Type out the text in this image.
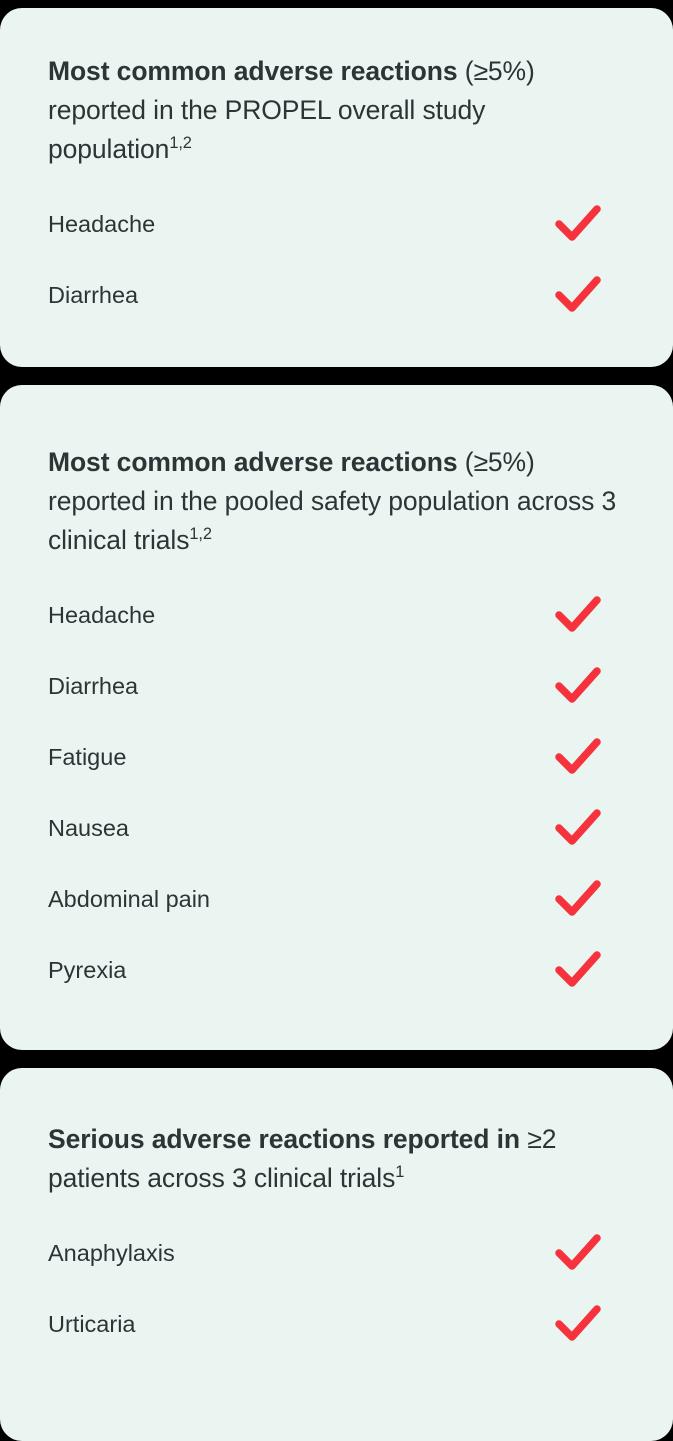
Most common adverse reactions (≥5%) reported in the PROPEL overall study population$^{1,2}$

Headache
Diarrhea

Most common adverse reactions (≥5%) reported in the pooled safety population across 3 clinical trials$^{1,2}$

Headache
Diarrhea
Fatigue
Nausea
Abdominal pain
Pyrexia

Serious adverse reactions reported in ≥2 patients across 3 clinical trials$^1$

Anaphylaxis
Urticaria
